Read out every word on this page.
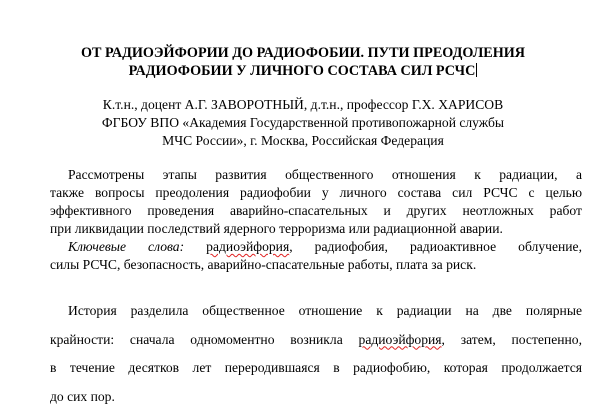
ОТ РАДИОЭЙФОРИИ ДО РАДИОФОБИИ. ПУТИ ПРЕОДОЛЕНИЯ
РАДИОФОБИИ У ЛИЧНОГО СОСТАВА СИЛ РСЧС
К.т.н., доцент А.Г. ЗАВОРОТНЫЙ, д.т.н., профессор Г.Х. ХАРИСОВ
ФГБОУ ВПО «Академия Государственной противопожарной службы
МЧС России», г. Москва, Российская Федерация
Рассмотрены этапы развития общественного отношения к радиации, а
также вопросы преодоления радиофобии у личного состава сил РСЧС с целью
эффективного проведения аварийно-спасательных и других неотложных работ
при ликвидации последствий ядерного терроризма или радиационной аварии.
Ключевые слова: радиоэйфория, радиофобия, радиоактивное облучение,
силы РСЧС, безопасность, аварийно-спасательные работы, плата за риск.
История разделила общественное отношение к радиации на две полярные
крайности: сначала одномоментно возникла радиоэйфория, затем, постепенно,
в течение десятков лет переродившаяся в радиофобию, которая продолжается
до сих пор.
